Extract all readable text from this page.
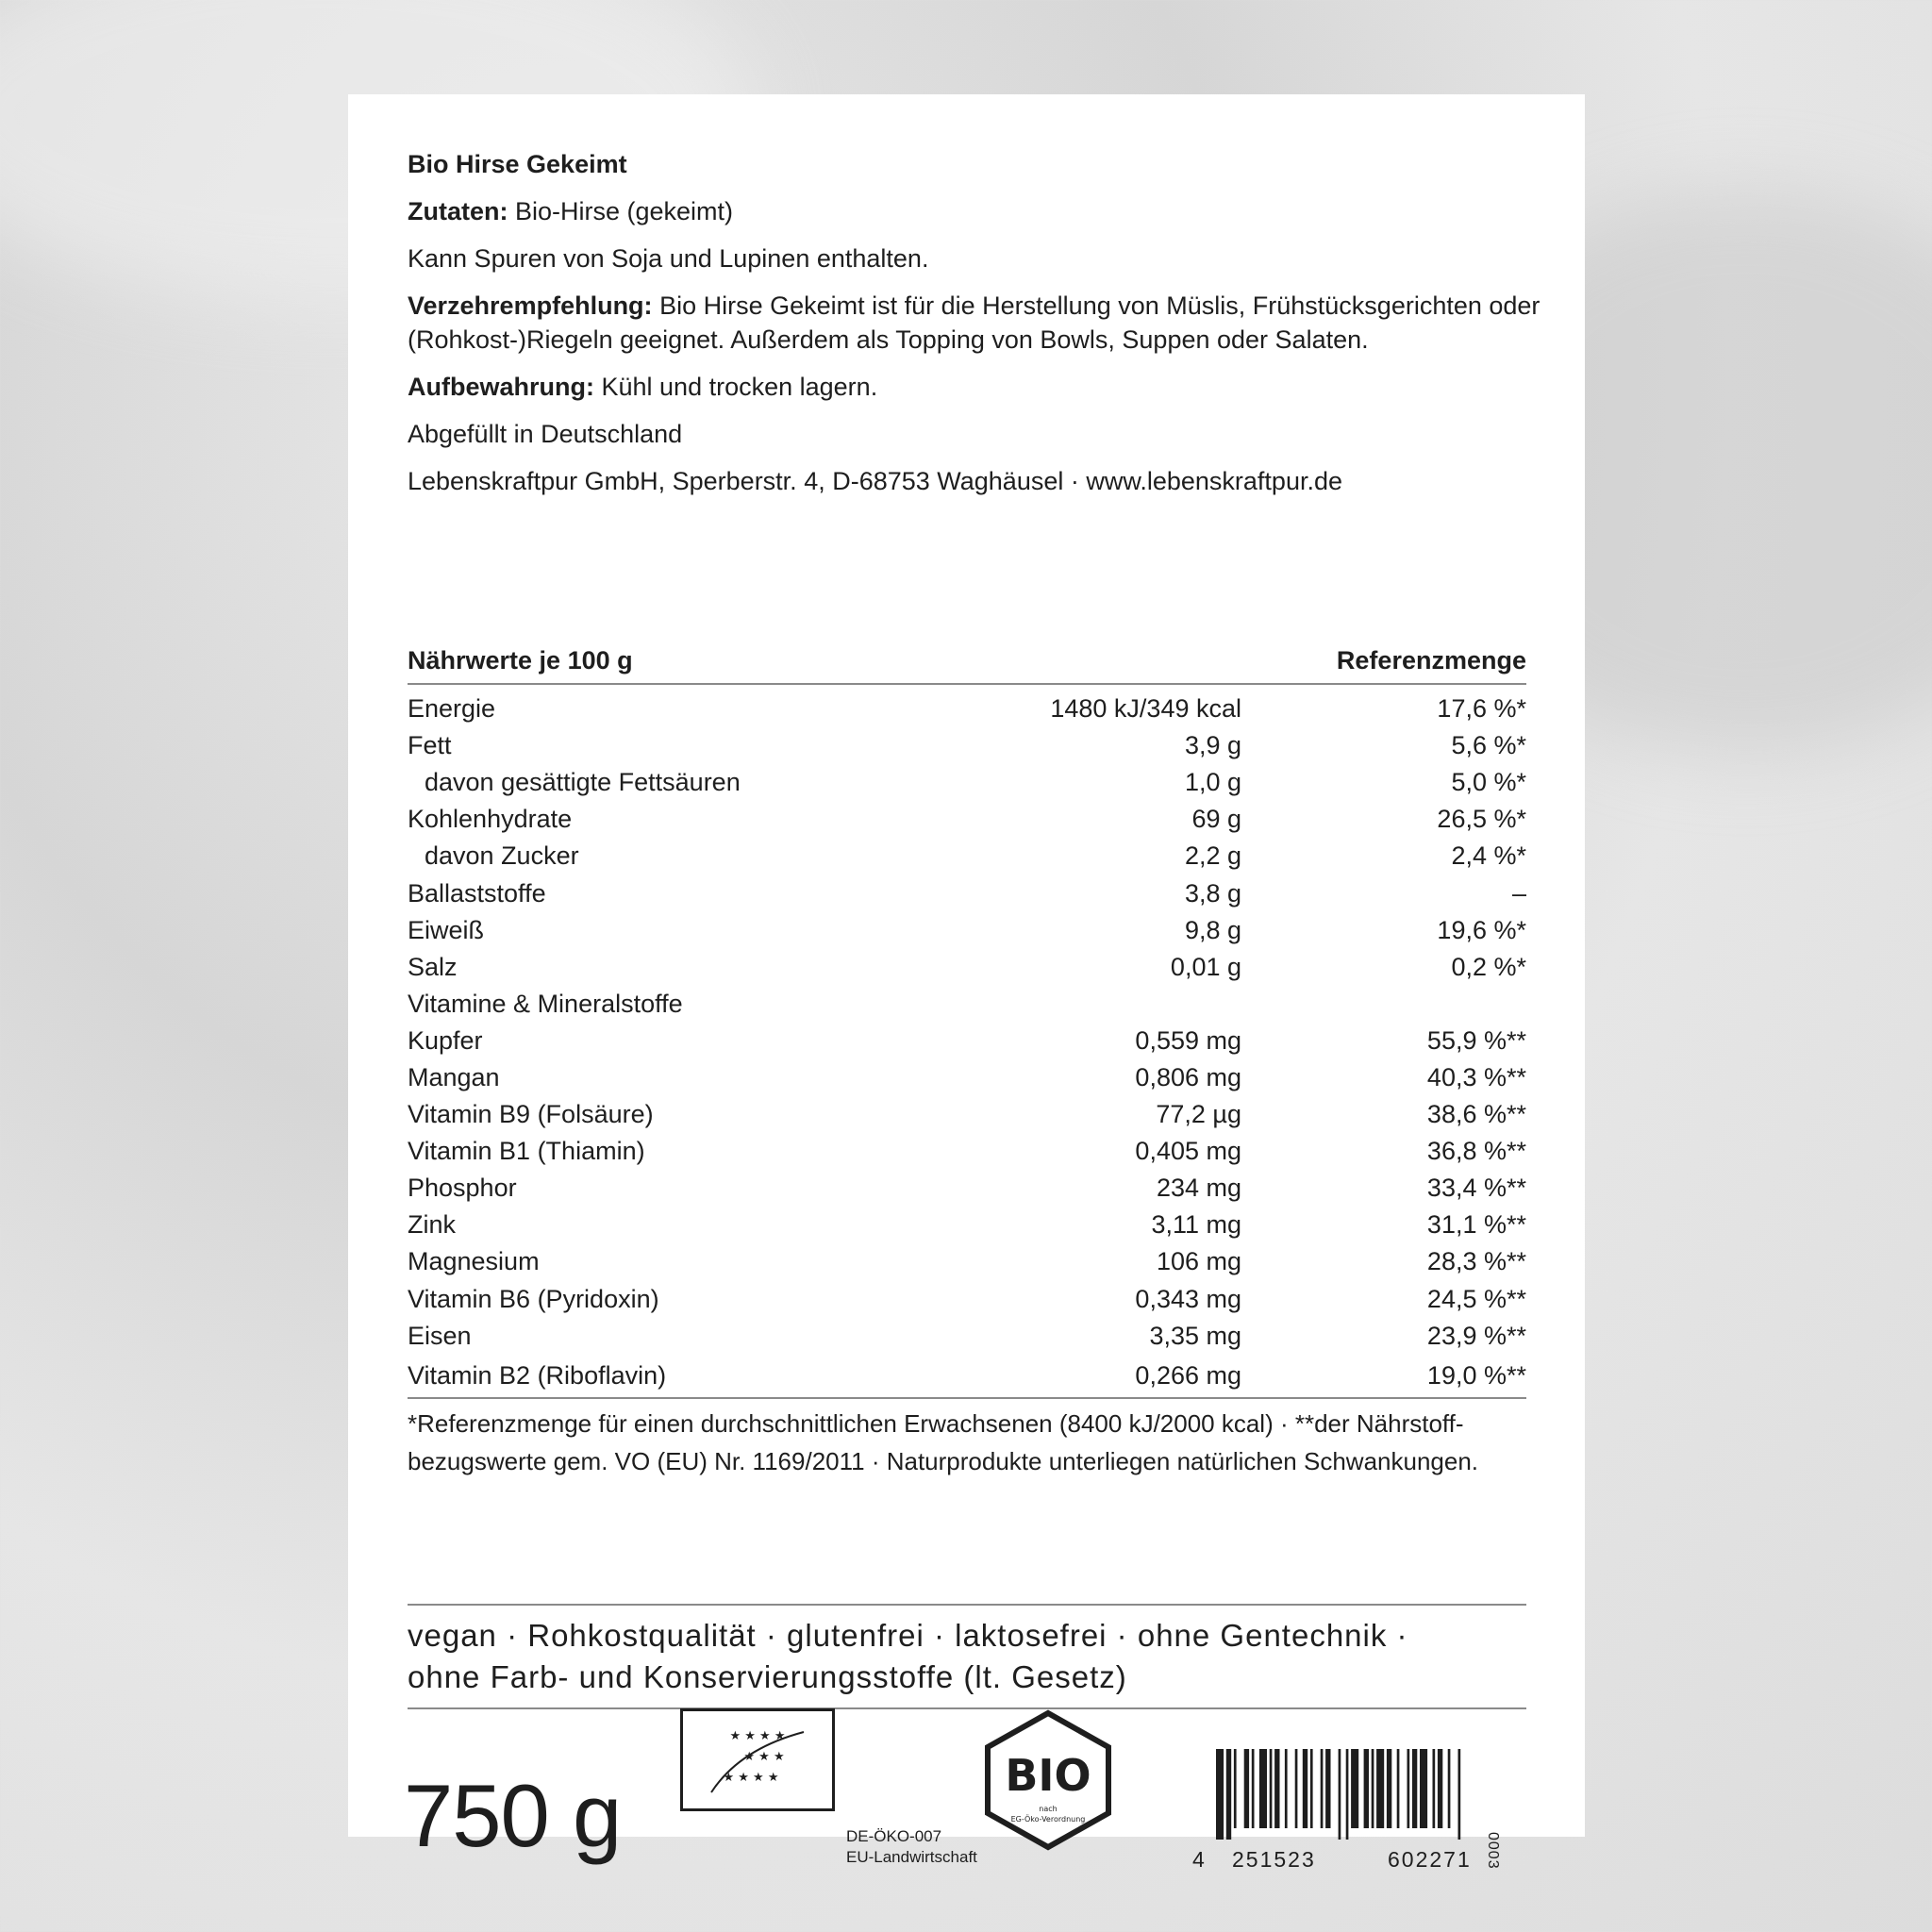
Bio Hirse Gekeimt

Zutaten: Bio-Hirse (gekeimt)

Kann Spuren von Soja und Lupinen enthalten.

Verzehrempfehlung: Bio Hirse Gekeimt ist für die Herstellung von Müslis, Frühstücksgerichten oder

(Rohkost-)Riegeln geeignet. Außerdem als Topping von Bowls, Suppen oder Salaten.

Aufbewahrung: Kühl und trocken lagern.

Abgefüllt in Deutschland

Lebenskraftpur GmbH, Sperberstr. 4, D-68753 Waghäusel · www.lebenskraftpur.de

Nährwerte je 100 g	Referenzmenge
Energie	1480 kJ/349 kcal	17,6 %*
Fett	3,9 g	5,6 %*
davon gesättigte Fettsäuren	1,0 g	5,0 %*
Kohlenhydrate	69 g	26,5 %*
davon Zucker	2,2 g	2,4 %*
Ballaststoffe	3,8 g	–
Eiweiß	9,8 g	19,6 %*
Salz	0,01 g	0,2 %*
Vitamine & Mineralstoffe
Kupfer	0,559 mg	55,9 %**
Mangan	0,806 mg	40,3 %**
Vitamin B9 (Folsäure)	77,2 µg	38,6 %**
Vitamin B1 (Thiamin)	0,405 mg	36,8 %**
Phosphor	234 mg	33,4 %**
Zink	3,11 mg	31,1 %**
Magnesium	106 mg	28,3 %**
Vitamin B6 (Pyridoxin)	0,343 mg	24,5 %**
Eisen	3,35 mg	23,9 %**
Vitamin B2 (Riboflavin)	0,266 mg	19,0 %**

*Referenzmenge für einen durchschnittlichen Erwachsenen (8400 kJ/2000 kcal) · **der Nährstoff-

bezugswerte gem. VO (EU) Nr. 1169/2011 · Naturprodukte unterliegen natürlichen Schwankungen.

vegan · Rohkostqualität · glutenfrei · laktosefrei · ohne Gentechnik ·

ohne Farb- und Konservierungsstoffe (lt. Gesetz)

750 g
★ ★ ★ ★
★ ★ ★
★ ★ ★ ★
DE-ÖKO-007
EU-Landwirtschaft
BIO
nach
EG-Öko-Verordnung
4 251523	602271 0003
